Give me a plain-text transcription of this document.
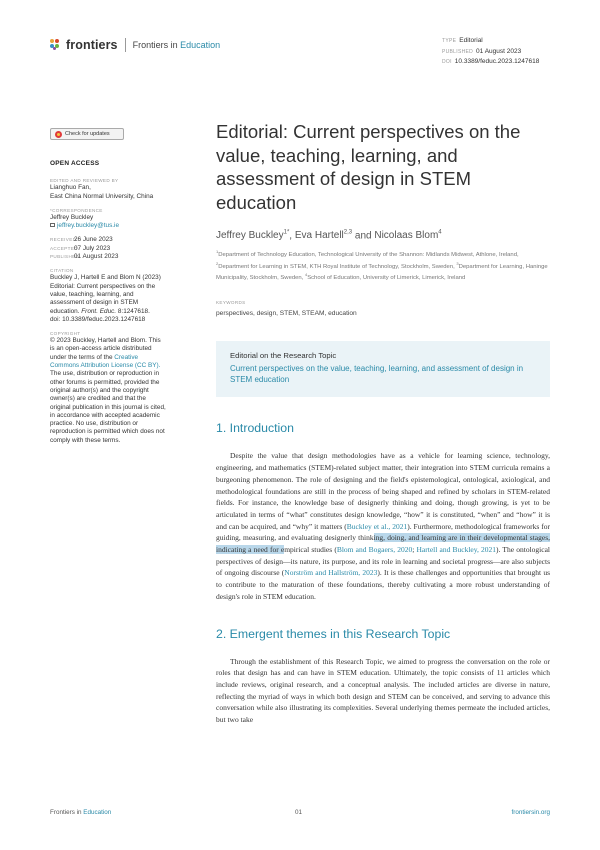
frontiers Frontiers in Education	TYPE Editorial
PUBLISHED 01 August 2023
DOI 10.3389/feduc.2023.1247618
Check for updates
OPEN ACCESS
EDITED AND REVIEWED BY
Lianghuo Fan,
East China Normal University, China
*CORRESPONDENCE
Jeffrey Buckley
jeffrey.buckley@tus.ie
RECEIVED
26 June 2023
ACCEPTED
07 July 2023
PUBLISHED
01 August 2023
CITATION
Buckley J, Hartell E and Blom N (2023) Editorial: Current perspectives on the value, teaching, learning, and assessment of design in STEM education. Front. Educ. 8:1247618.
doi: 10.3389/feduc.2023.1247618
COPYRIGHT
© 2023 Buckley, Hartell and Blom. This is an open-access article distributed under the terms of the Creative Commons Attribution License (CC BY). The use, distribution or reproduction in other forums is permitted, provided the original author(s) and the copyright owner(s) are credited and that the original publication in this journal is cited, in accordance with accepted academic practice. No use, distribution or reproduction is permitted which does not comply with these terms.
Editorial: Current perspectives on the value, teaching, learning, and assessment of design in STEM education
Jeffrey Buckley$^{1*}$, Eva Hartell$^{2,3}$ and Nicolaas Blom$^4$
$^1$Department of Technology Education, Technological University of the Shannon: Midlands Midwest, Athlone, Ireland, $^2$Department for Learning in STEM, KTH Royal Institute of Technology, Stockholm, Sweden, $^3$Department for Learning, Haninge Municipality, Stockholm, Sweden, $^4$School of Education, University of Limerick, Limerick, Ireland
KEYWORDS
perspectives, design, STEM, STEAM, education
Editorial on the Research Topic
Current perspectives on the value, teaching, learning, and assessment of design in STEM education
1. Introduction

Despite the value that design methodologies have as a vehicle for learning science, technology, engineering, and mathematics (STEM)-related subject matter, their integration into STEM curricula remains a burgeoning phenomenon. The role of designing and the field's epistemological, ontological, axiological, and methodological foundations are still in the process of being shaped and refined by scholars in STEM-related fields. For instance, the knowledge base of designerly thinking and doing, though growing, is yet to be articulated in terms of “what” constitutes design knowledge, “how” it is constituted, “when” and “how” it is and can be acquired, and “why” it matters (Buckley et al., 2021). Furthermore, methodological frameworks for guiding, measuring, and evaluating designerly thinking, doing, and learning are in their developmental stages, indicating a need for empirical studies (Blom and Bogaers, 2020; Hartell and Buckley, 2021). The ontological perspectives of design—its nature, its purpose, and its role in learning and societal progress—are also subjects of ongoing discourse (Norström and Hallström, 2023). It is these challenges and opportunities that brought us to contribute to the maturation of these foundations, thereby cultivating a more robust understanding of design's role in STEM education.

2. Emergent themes in this Research Topic

Through the establishment of this Research Topic, we aimed to progress the conversation on the role or roles that design has and can have in STEM education. Ultimately, the topic consists of 11 articles which include reviews, original research, and a conceptual analysis. The included articles are diverse in nature, reflecting the myriad of ways in which both design and STEM can be conceived, and serving to advance this conversation while also illustrating its complexities. Several underlying themes permeate the included articles, but two take

Frontiers in Education	01	frontiersin.org
